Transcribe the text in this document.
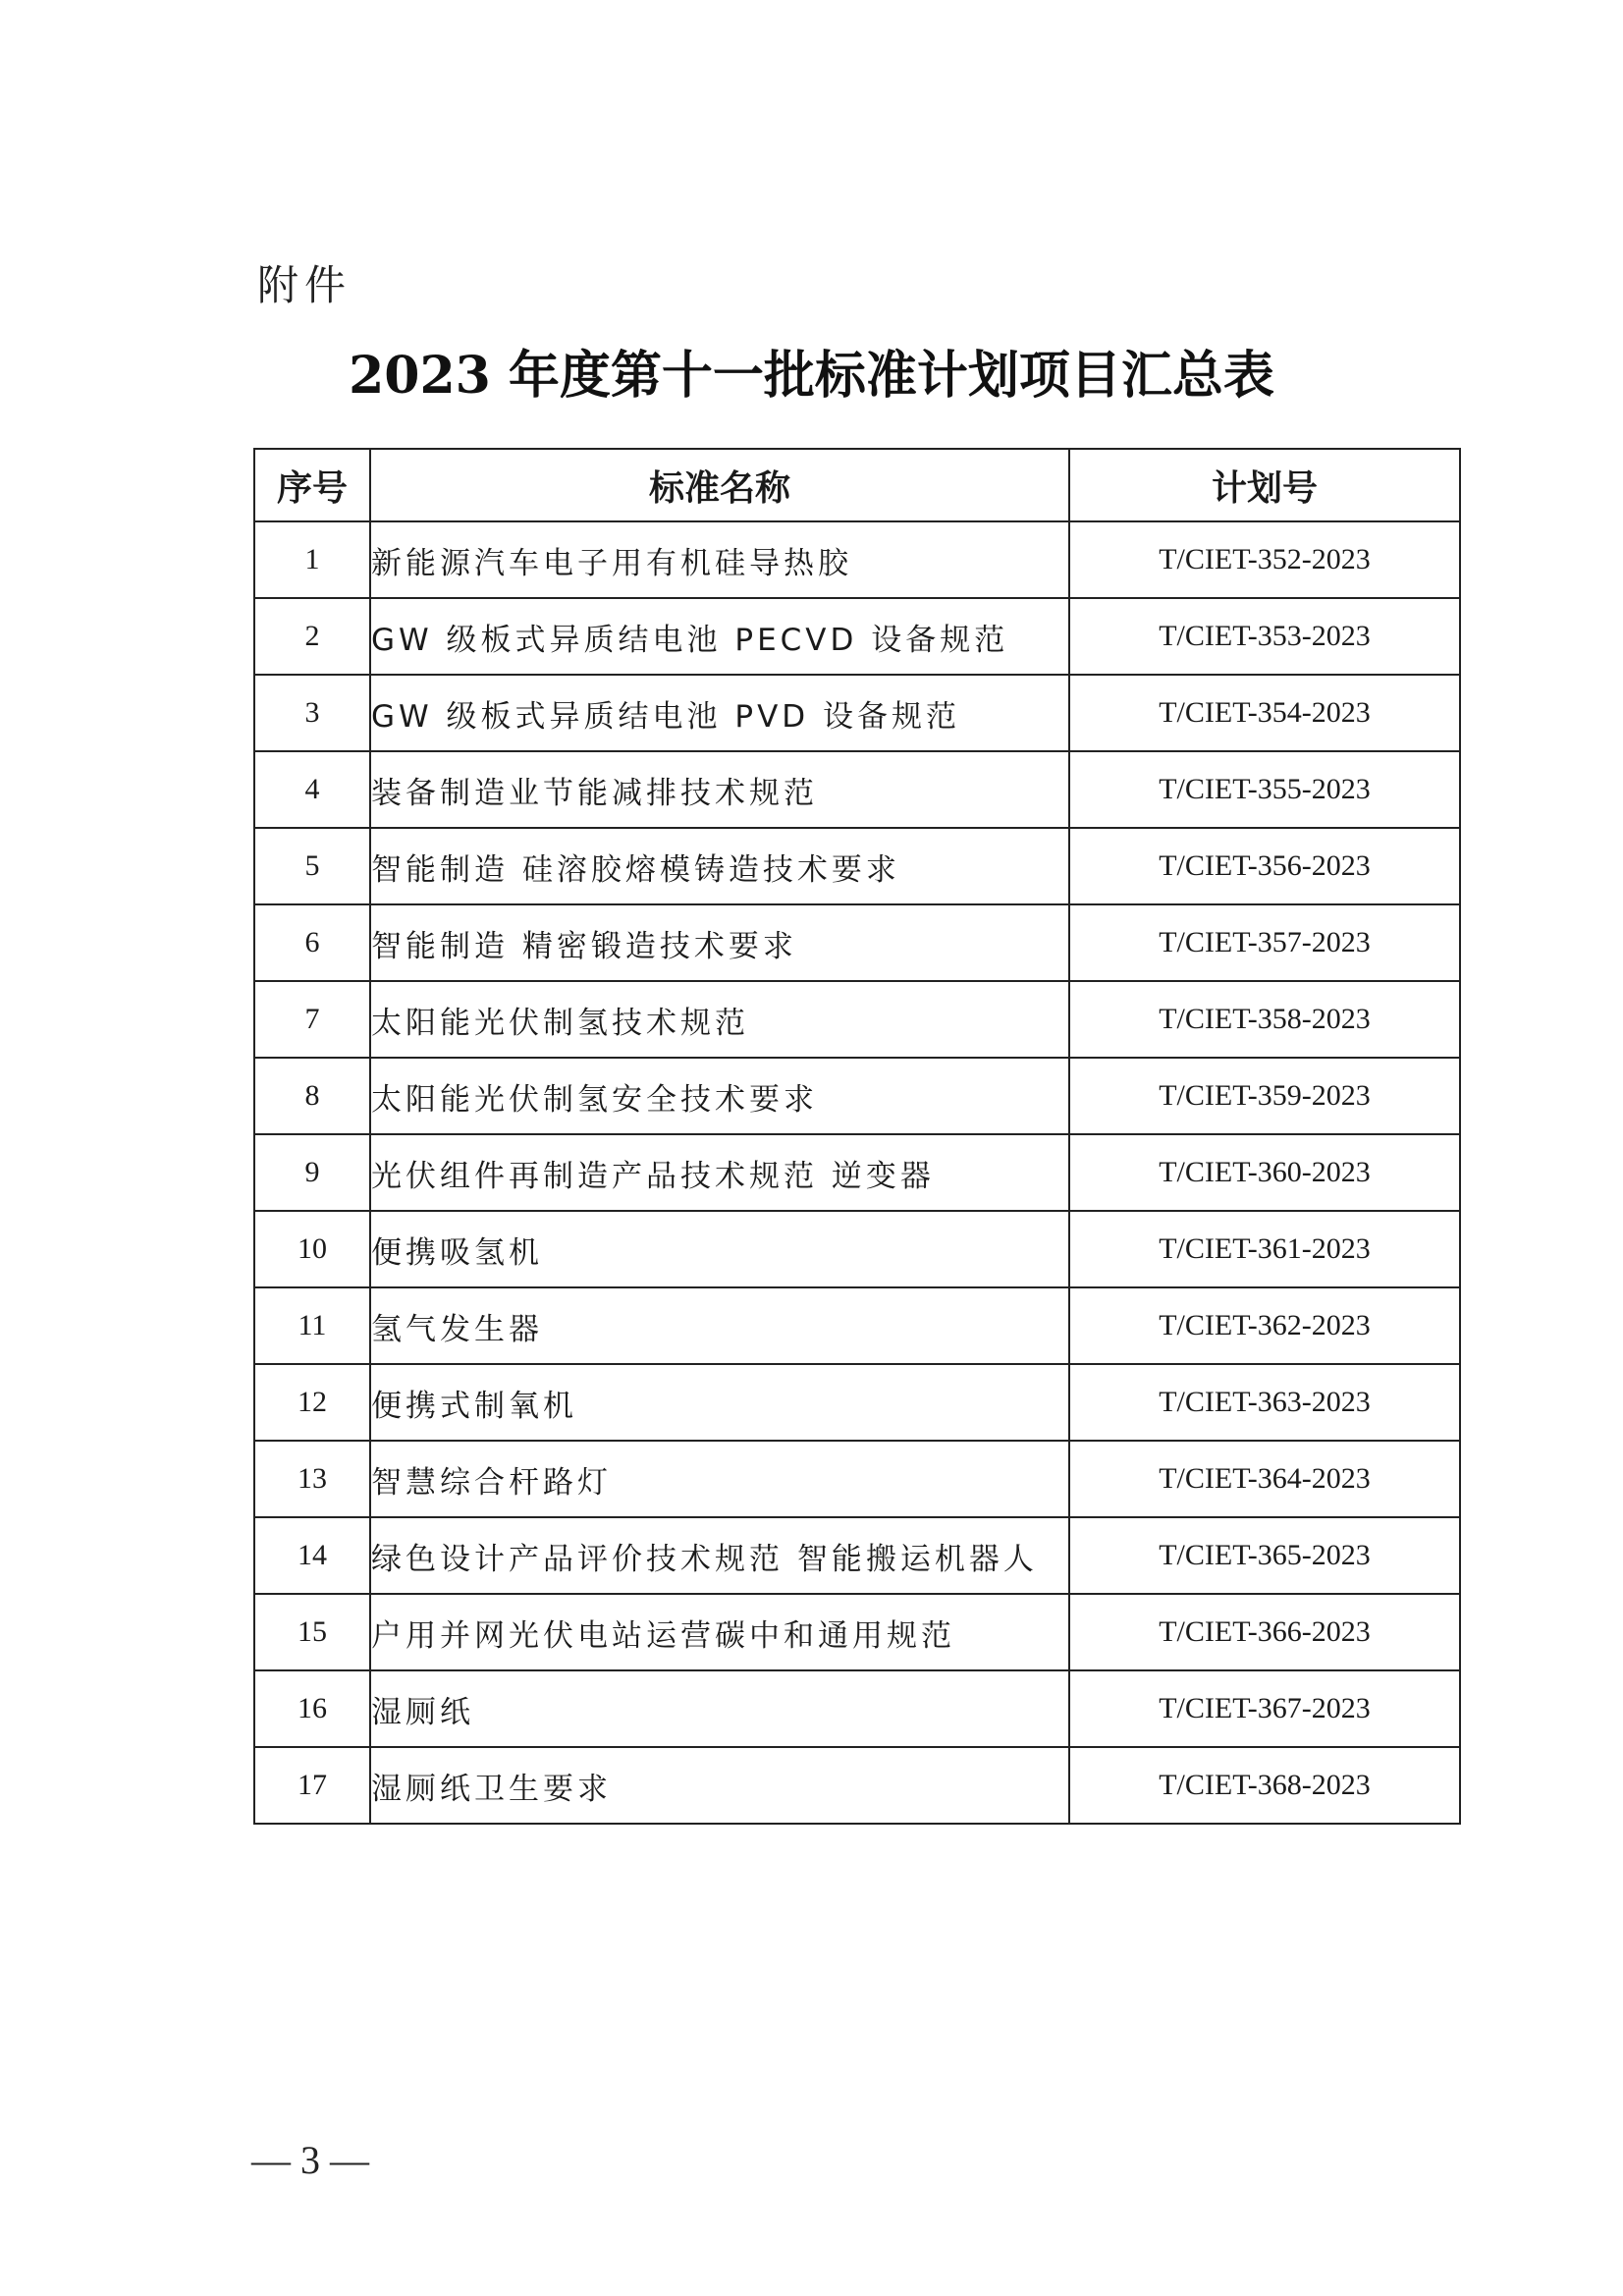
附件
2023 年度第十一批标准计划项目汇总表
序号	标准名称	计划号
1	新能源汽车电子用有机硅导热胶	T/CIET-352-2023
2	GW 级板式异质结电池 PECVD 设备规范	T/CIET-353-2023
3	GW 级板式异质结电池 PVD 设备规范	T/CIET-354-2023
4	装备制造业节能减排技术规范	T/CIET-355-2023
5	智能制造 硅溶胶熔模铸造技术要求	T/CIET-356-2023
6	智能制造 精密锻造技术要求	T/CIET-357-2023
7	太阳能光伏制氢技术规范	T/CIET-358-2023
8	太阳能光伏制氢安全技术要求	T/CIET-359-2023
9	光伏组件再制造产品技术规范 逆变器	T/CIET-360-2023
10	便携吸氢机	T/CIET-361-2023
11	氢气发生器	T/CIET-362-2023
12	便携式制氧机	T/CIET-363-2023
13	智慧综合杆路灯	T/CIET-364-2023
14	绿色设计产品评价技术规范 智能搬运机器人	T/CIET-365-2023
15	户用并网光伏电站运营碳中和通用规范	T/CIET-366-2023
16	湿厕纸	T/CIET-367-2023
17	湿厕纸卫生要求	T/CIET-368-2023
— 3 —
